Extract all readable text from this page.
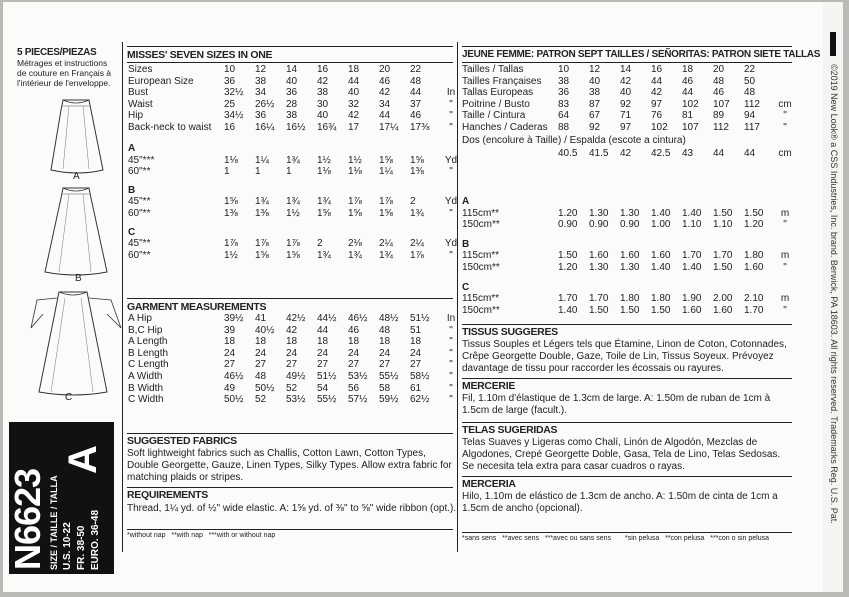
5 PIECES/PIEZAS
Métrages et instructions
de couture en Français à
l'intérieur de l'enveloppe.
A
B
C
N6623 SIZE / TAILLE / TALLA U.S. 10-22 FR. 38-50 EURO. 36-48
A
MISSES' SEVEN SIZES IN ONE
Sizes	10	12	14	16	18	20	22	
European Size	36	38	40	42	44	46	48	
Bust	32½	34	36	38	40	42	44	In
Waist	25	26½	28	30	32	34	37	"
Hip	34½	36	38	40	42	44	46	"
Back-neck to waist	16	16¼	16½	16¾	17	17¼	17⅜	"
A								
45"***	1⅛	1¼	1¾	1½	1½	1⅝	1⅝	Yd
60"**	1	1	1	1⅛	1⅛	1¼	1⅜	"
B								
45"**	1⅝	1¾	1¾	1¾	1⅞	1⅞	2	Yd
60"**	1⅜	1⅜	1½	1⅝	1⅝	1⅝	1¾	"
C								
45"**	1⅞	1⅞	1⅞	2	2⅛	2¼	2¼	Yd
60"**	1½	1⅝	1⅝	1¾	1¾	1¾	1⅞	"
GARMENT MEASUREMENTS
A Hip	39½	41	42½	44½	46½	48½	51½	In
B,C Hip	39	40½	42	44	46	48	51	"
A Length	18	18	18	18	18	18	18	"
B Length	24	24	24	24	24	24	24	"
C Length	27	27	27	27	27	27	27	"
A Width	46½	48	49½	51½	53½	55½	58½	"
B Width	49	50½	52	54	56	58	61	"
C Width	50½	52	53½	55½	57½	59½	62½	"
SUGGESTED FABRICS
Soft lightweight fabrics such as Challis, Cotton Lawn, Cotton Types,
Double Georgette, Gauze, Linen Types, Silky Types. Allow extra fabric for
matching plaids or stripes.
REQUIREMENTS
Thread, 1¼ yd. of ½" wide elastic. A: 1⅝ yd. of ⅜" to ⅝" wide ribbon (opt.).
*without nap   **with nap   ***with or without nap
JEUNE FEMME: PATRON SEPT TAILLES / SEÑORITAS: PATRON SIETE TALLAS
Tailles / Tallas	10	12	14	16	18	20	22	
Tailles Françaises	38	40	42	44	46	48	50	
Tallas Europeas	36	38	40	42	44	46	48	
Poitrine / Busto	83	87	92	97	102	107	112	cm
Taille / Cintura	64	67	71	76	81	89	94	"
Hanches / Caderas	88	92	97	102	107	112	117	"
Dos (encolure à Taille) / Espalda (escote a cintura)
	40.5	41.5	42	42.5	43	44	44	cm
A								
115cm**	1.20	1.30	1.30	1.40	1.40	1.50	1.50	m
150cm**	0.90	0.90	0.90	1.00	1.10	1.10	1.20	"
B								
115cm**	1.50	1.60	1.60	1.60	1.70	1.70	1.80	m
150cm**	1.20	1.30	1.30	1.40	1.40	1.50	1.60	"
C								
115cm**	1.70	1.70	1.80	1.80	1.90	2.00	2.10	m
150cm**	1.40	1.50	1.50	1.50	1.60	1.60	1.70	"
TISSUS SUGGERES
Tissus Souples et Légers tels que Étamine, Linon de Coton, Cotonnades,
Crêpe Georgette Double, Gaze, Toile de Lin, Tissus Soyeux. Prévoyez
davantage de tissu pour raccorder les écossais ou rayures.
MERCERIE
Fil, 1.10m d'élastique de 1.3cm de large. A: 1.50m de ruban de 1cm à
1.5cm de large (facult.).
TELAS SUGERIDAS
Telas Suaves y Ligeras como Chalí, Linón de Algodón, Mezclas de
Algodones, Crepé Georgette Doble, Gasa, Tela de Lino, Telas Sedosas.
Se necesita tela extra para casar cuadros o rayas.
MERCERIA
Hilo, 1.10m de elástico de 1.3cm de ancho. A: 1.50m de cinta de 1cm a
1.5cm de ancho (opcional).
*sans sens   **avec sens   ***avec ou sans sens *sin pelusa   **con pelusa   ***con o sin pelusa
©2019 New Look® a CSS Industries, Inc. brand. Berwick, PA 18603. All rights reserved. Trademarks Reg. U.S. Pat.
